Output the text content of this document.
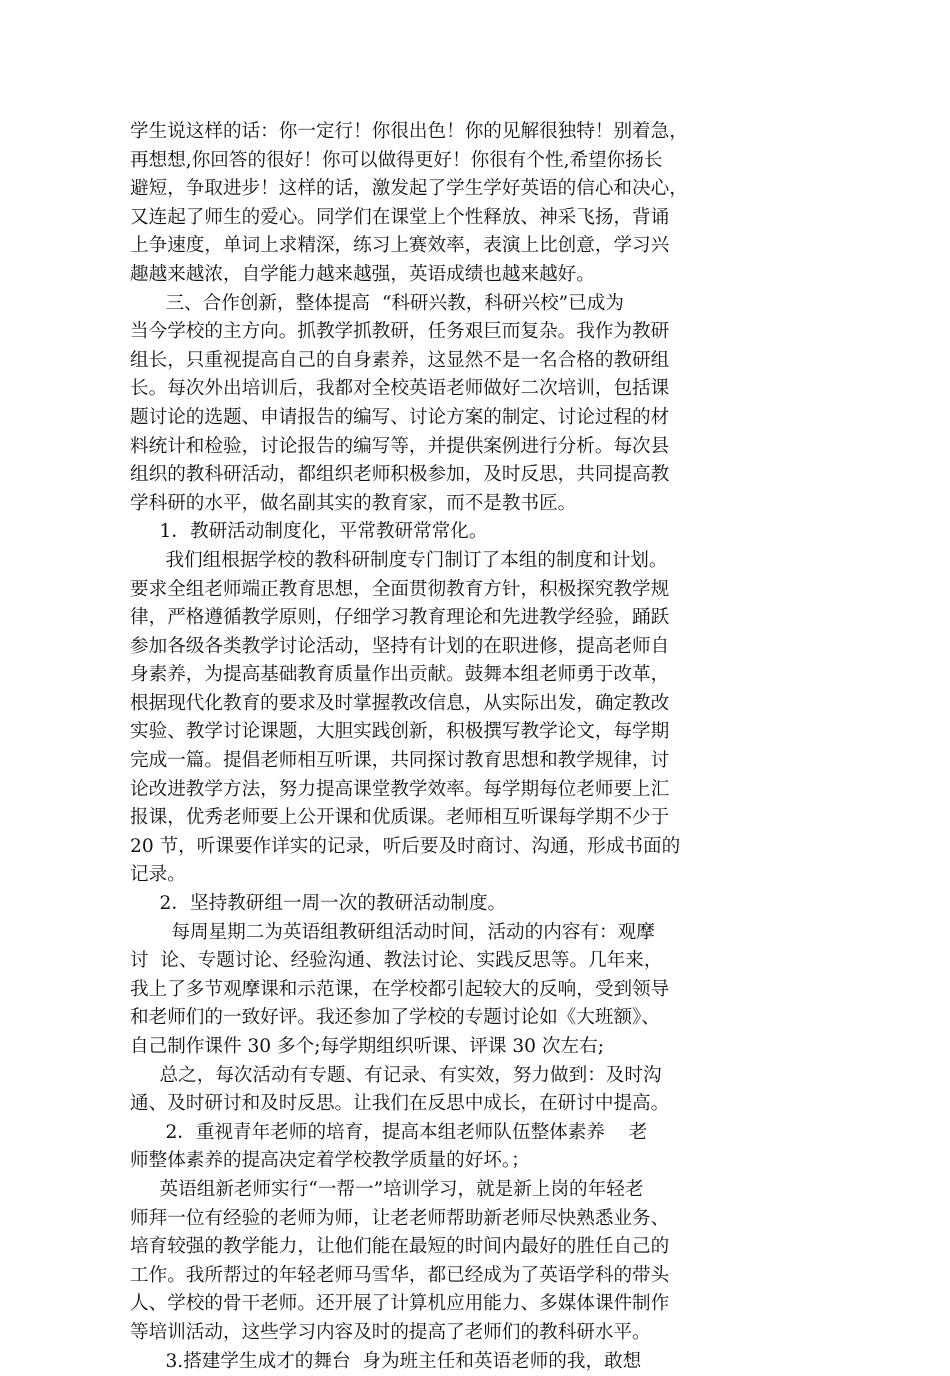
学生说这样的话：你一定行！你很出色！你的见解很独特！别着急，
再想想,你回答的很好！你可以做得更好！你很有个性,希望你扬长
避短，争取进步！这样的话，激发起了学生学好英语的信心和决心，
又连起了师生的爱心。同学们在课堂上个性释放、神采飞扬，背诵
上争速度，单词上求精深，练习上赛效率，表演上比创意，学习兴
趣越来越浓，自学能力越来越强，英语成绩也越来越好。
三、合作创新，整体提高  “科研兴教，科研兴校”已成为
当今学校的主方向。抓教学抓教研，任务艰巨而复杂。我作为教研
组长，只重视提高自己的自身素养，这显然不是一名合格的教研组
长。每次外出培训后，我都对全校英语老师做好二次培训，包括课
题讨论的选题、申请报告的编写、讨论方案的制定、讨论过程的材
料统计和检验，讨论报告的编写等，并提供案例进行分析。每次县
组织的教科研活动，都组织老师积极参加，及时反思，共同提高教
学科研的水平，做名副其实的教育家，而不是教书匠。
1．教研活动制度化，平常教研常常化。
我们组根据学校的教科研制度专门制订了本组的制度和计划。
要求全组老师端正教育思想，全面贯彻教育方针，积极探究教学规
律，严格遵循教学原则，仔细学习教育理论和先进教学经验，踊跃
参加各级各类教学讨论活动，坚持有计划的在职进修，提高老师自
身素养，为提高基础教育质量作出贡献。鼓舞本组老师勇于改革，
根据现代化教育的要求及时掌握教改信息，从实际出发，确定教改
实验、教学讨论课题，大胆实践创新，积极撰写教学论文，每学期
完成一篇。提倡老师相互听课，共同探讨教育思想和教学规律，讨
论改进教学方法，努力提高课堂教学效率。每学期每位老师要上汇
报课，优秀老师要上公开课和优质课。老师相互听课每学期不少于
20 节，听课要作详实的记录，听后要及时商讨、沟通，形成书面的
记录。
2．坚持教研组一周一次的教研活动制度。
每周星期二为英语组教研组活动时间，活动的内容有：观摩
讨  论、专题讨论、经验沟通、教法讨论、实践反思等。几年来，
我上了多节观摩课和示范课，在学校都引起较大的反响，受到领导
和老师们的一致好评。我还参加了学校的专题讨论如《大班额》、
自己制作课件 30 多个;每学期组织听课、评课 30 次左右;
总之，每次活动有专题、有记录、有实效，努力做到：及时沟
通、及时研讨和及时反思。让我们在反思中成长，在研讨中提高。
2．重视青年老师的培育，提高本组老师队伍整体素养    老
师整体素养的提高决定着学校教学质量的好坏。；
英语组新老师实行“一帮一”培训学习，就是新上岗的年轻老
师拜一位有经验的老师为师，让老老师帮助新老师尽快熟悉业务、
培育较强的教学能力，让他们能在最短的时间内最好的胜任自己的
工作。我所帮过的年轻老师马雪华，都已经成为了英语学科的带头
人、学校的骨干老师。还开展了计算机应用能力、多媒体课件制作
等培训活动，这些学习内容及时的提高了老师们的教科研水平。
3.搭建学生成才的舞台  身为班主任和英语老师的我，敢想
